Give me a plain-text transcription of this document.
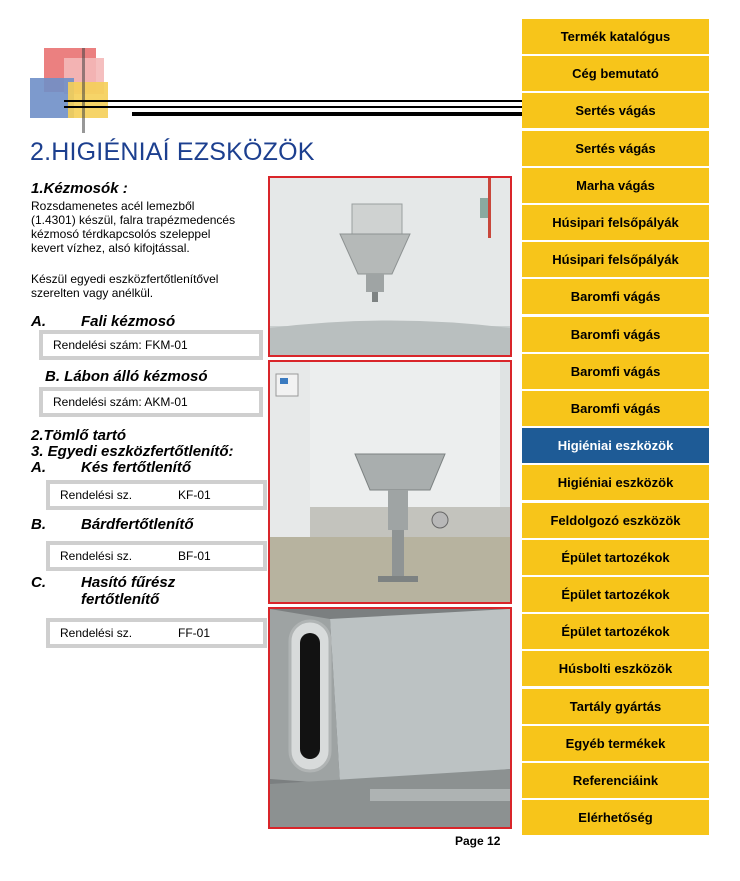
2.HIGIÉNIAÍ EZSKÖZÖK
1.Kézmosók :
Rozsdamenetes acél lemezből
(1.4301) készül, falra trapézmedencés
kézmosó térdkapcsolós szeleppel
kevert vízhez, alsó kifojtással.
Készül egyedi eszközfertőtlenítővel
szerelten vagy anélkül.
A. Fali kézmosó
Rendelési szám: FKM-01
B. Lábon álló kézmosó
Rendelési szám: AKM-01
2.Tömlő tartó
3. Egyedi eszközfertőtlenítő:
A. Kés fertőtlenítő
Rendelési sz.	KF-01
B. Bárdfertőtlenítő
Rendelési sz.	BF-01
C. Hasító fűrész
fertőtlenítő
Rendelési sz.	FF-01
Termék katalógus
Cég bemutató
Sertés vágás
Sertés vágás
Marha vágás
Húsipari felsőpályák
Húsipari felsőpályák
Baromfi vágás
Baromfi vágás
Baromfi vágás
Baromfi vágás
Higiéniai eszközök
Higiéniai eszközök
Feldolgozó eszközök
Épület tartozékok
Épület tartozékok
Épület tartozékok
Húsbolti eszközök
Tartály gyártás
Egyéb termékek
Referenciáink
Elérhetőség
Page 12
